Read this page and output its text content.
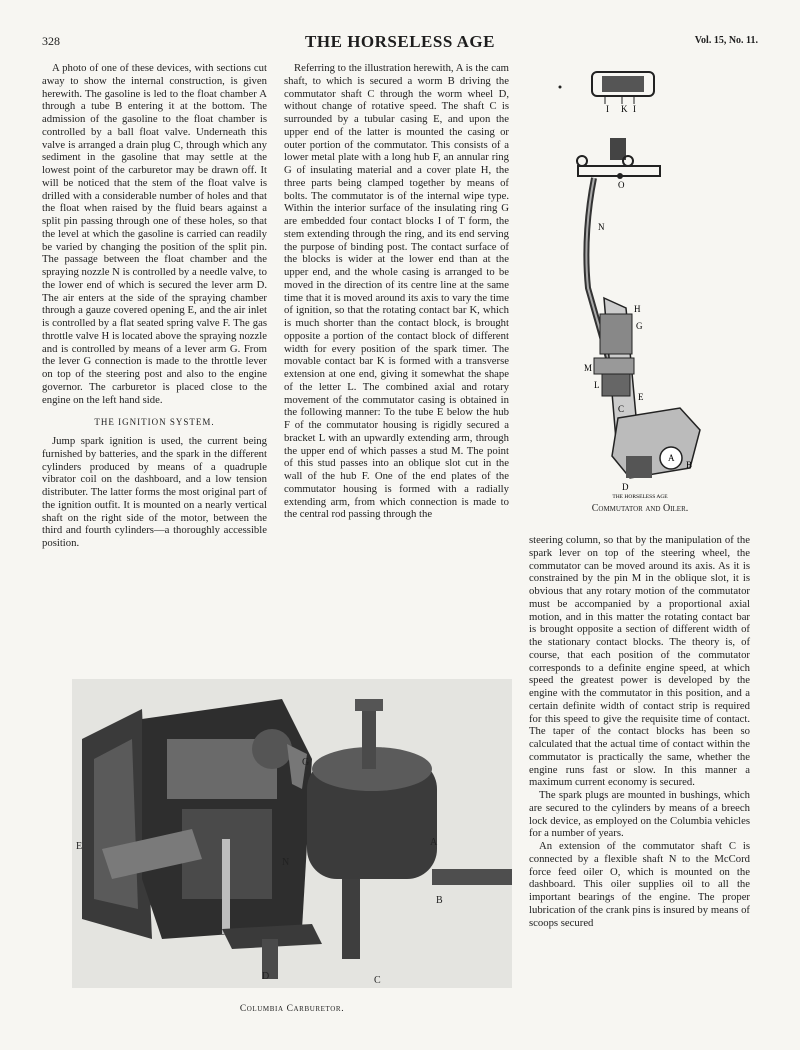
328	THE HORSELESS AGE	Vol. 15, No. 11.

A photo of one of these devices, with sections cut away to show the internal construction, is given herewith. The gasoline is led to the float chamber A through a tube B entering it at the bottom. The admission of the gasoline to the float chamber is controlled by a ball float valve. Underneath this valve is arranged a drain plug C, through which any sediment in the gasoline that may settle at the lowest point of the carburetor may be drawn off. It will be noticed that the stem of the float valve is drilled with a considerable number of holes and that the float when raised by the fluid bears against a split pin passing through one of these holes, so that the level at which the gasoline is carried can readily be varied by changing the position of the split pin. The passage between the float chamber and the spraying nozzle N is controlled by a needle valve, to the lower end of which is secured the lever arm D. The air enters at the side of the spraying chamber through a gauze covered opening E, and the air inlet is controlled by a flat seated spring valve F. The gas throttle valve H is located above the spraying nozzle and is controlled by means of a lever arm G. From the lever G connection is made to the throttle lever on top of the steering post and also to the engine governor. The carburetor is placed close to the engine on the left hand side.

THE IGNITION SYSTEM.

Jump spark ignition is used, the current being furnished by batteries, and the spark in the different cylinders produced by means of a quadruple vibrator coil on the dashboard, and a low tension distributer. The latter forms the most original part of the ignition outfit. It is mounted on a nearly vertical shaft on the right side of the motor, between the third and fourth cylinders—a thoroughly accessible position.

Referring to the illustration herewith, A is the cam shaft, to which is secured a worm B driving the commutator shaft C through the worm wheel D, without change of rotative speed. The shaft C is surrounded by a tubular casing E, and upon the upper end of the latter is mounted the casing or outer portion of the commutator. This consists of a lower metal plate with a long hub F, an annular ring G of insulating material and a cover plate H, the three parts being clamped together by means of bolts. The commutator is of the internal wipe type. Within the interior surface of the insulating ring G are embedded four contact blocks I of T form, the stem extending through the ring, and its end serving the purpose of binding post. The contact surface of the blocks is wider at the lower end than at the upper end, and the whole casing is arranged to be moved in the direction of its centre line at the same time that it is moved around its axis to vary the time of ignition, so that the rotating contact bar K, which is much shorter than the contact block, is brought opposite a portion of the contact block of different width for every position of the spark timer. The movable contact bar K is formed with a transverse extension at one end, giving it somewhat the shape of the letter L. The combined axial and rotary movement of the commutator casing is obtained in the following manner: To the tube E below the hub F of the commutator housing is rigidly secured a bracket L with an upwardly extending arm, through the upper end of which passes a stud M. The point of this stud passes into an oblique slot cut in the wall of the hub F. One of the end plates of the commutator housing is formed with a radially extending arm, from which connection is made to the central rod passing through the

I K I
O
N
H
G
M
L
E
C
D
A
B
THE HORSELESS AGE
Commutator and Oiler.

steering column, so that by the manipulation of the spark lever on top of the steering wheel, the commutator can be moved around its axis. As it is constrained by the pin M in the oblique slot, it is obvious that any rotary motion of the commutator must be accompanied by a proportional axial motion, and in this matter the rotating contact bar is brought opposite a section of different width of the stationary contact blocks. The theory is, of course, that each position of the commutator corresponds to a definite engine speed, at which speed the greatest power is developed by the engine with the commutator in this position, and a certain definite width of contact strip is required for this speed to give the requisite time of contact. The taper of the contact blocks has been so calculated that the actual time of contact within the commutator is practically the same, whether the engine runs fast or slow. In this manner a maximum current economy is secured.

The spark plugs are mounted in bushings, which are secured to the cylinders by means of a breech lock device, as employed on the Columbia vehicles for a number of years.

An extension of the commutator shaft C is connected by a flexible shaft N to the McCord force feed oiler O, which is mounted on the dashboard. This oiler supplies oil to all the important bearings of the engine. The proper lubrication of the crank pins is insured by means of scoops secured

G
E
N
A
B
D	C
Columbia Carburetor.
